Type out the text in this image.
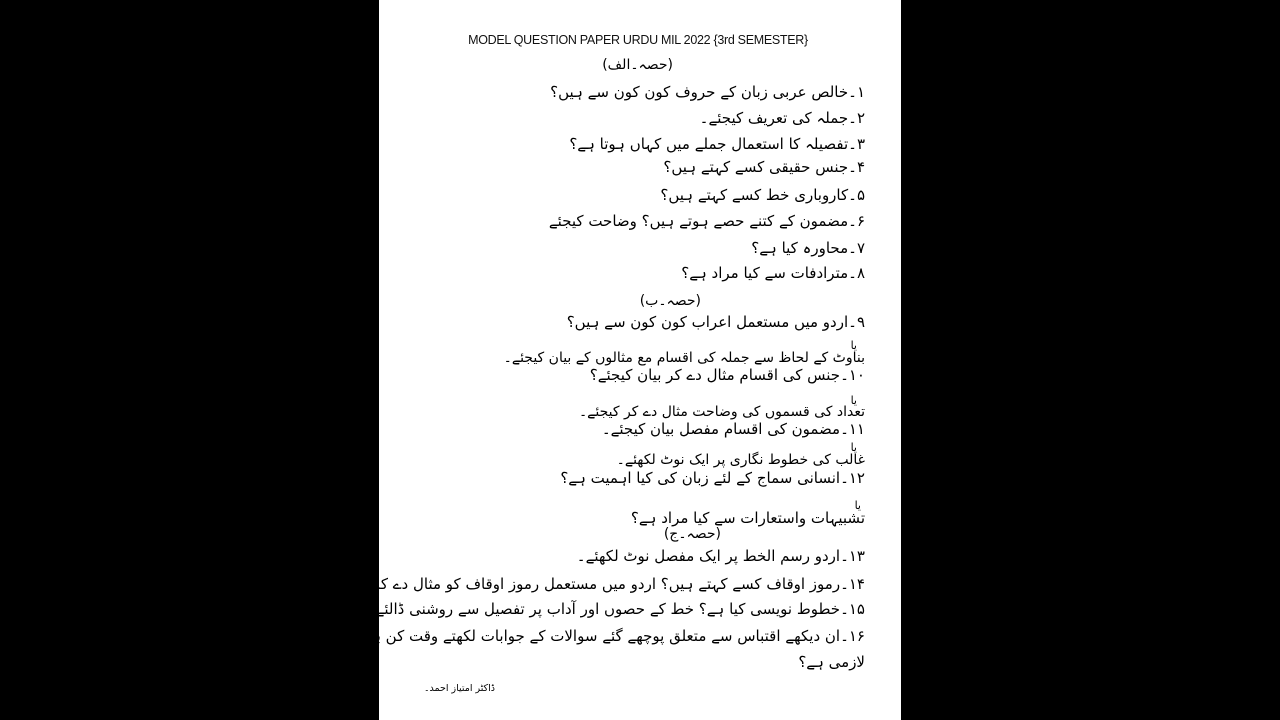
MODEL QUESTION PAPER URDU MIL 2022 {3rd SEMESTER}
(حصہ۔الف)
۱۔خالص عربی زبان کے حروف کون کون سے ہیں؟
۲۔جملہ کی تعریف کیجئے۔
۳۔تفصیلہ کا استعمال جملے میں کہاں ہوتا ہے؟
۴۔جنس حقیقی کسے کہتے ہیں؟
۵۔کاروباری خط کسے کہتے ہیں؟
۶۔مضمون کے کتنے حصے ہوتے ہیں؟ وضاحت کیجئے
۷۔محاورہ کیا ہے؟
۸۔مترادفات سے کیا مراد ہے؟
(حصہ۔ب)
۹۔اردو میں مستعمل اعراب کون کون سے ہیں؟
یا
بناوٹ کے لحاظ سے جملہ کی اقسام مع مثالوں کے بیان کیجئے۔
۱۰۔جنس کی اقسام مثال دے کر بیان کیجئے؟
یا
تعداد کی قسموں کی وضاحت مثال دے کر کیجئے۔
۱۱۔مضمون کی اقسام مفصل بیان کیجئے۔
یا
غالب کی خطوط نگاری پر ایک نوٹ لکھئے۔
۱۲۔انسانی سماج کے لئے زبان کی کیا اہمیت ہے؟
یا
تشبیہات واستعارات سے کیا مراد ہے؟
(حصہ۔ج)
۱۳۔اردو رسم الخط پر ایک مفصل نوٹ لکھئے۔
۱۴۔رموز اوقاف کسے کہتے ہیں؟ اردو میں مستعمل رموز اوقاف کو مثال دے کر بیان کیجئے۔
۱۵۔خطوط نویسی کیا ہے؟ خط کے حصوں اور آداب پر تفصیل سے روشنی ڈالئے۔
۱۶۔ان دیکھے اقتباس سے متعلق پوچھے گئے سوالات کے جوابات لکھتے وقت کن باتوں کا خیال رکھنا
لازمی ہے؟
ڈاکٹر امتیاز احمد۔
